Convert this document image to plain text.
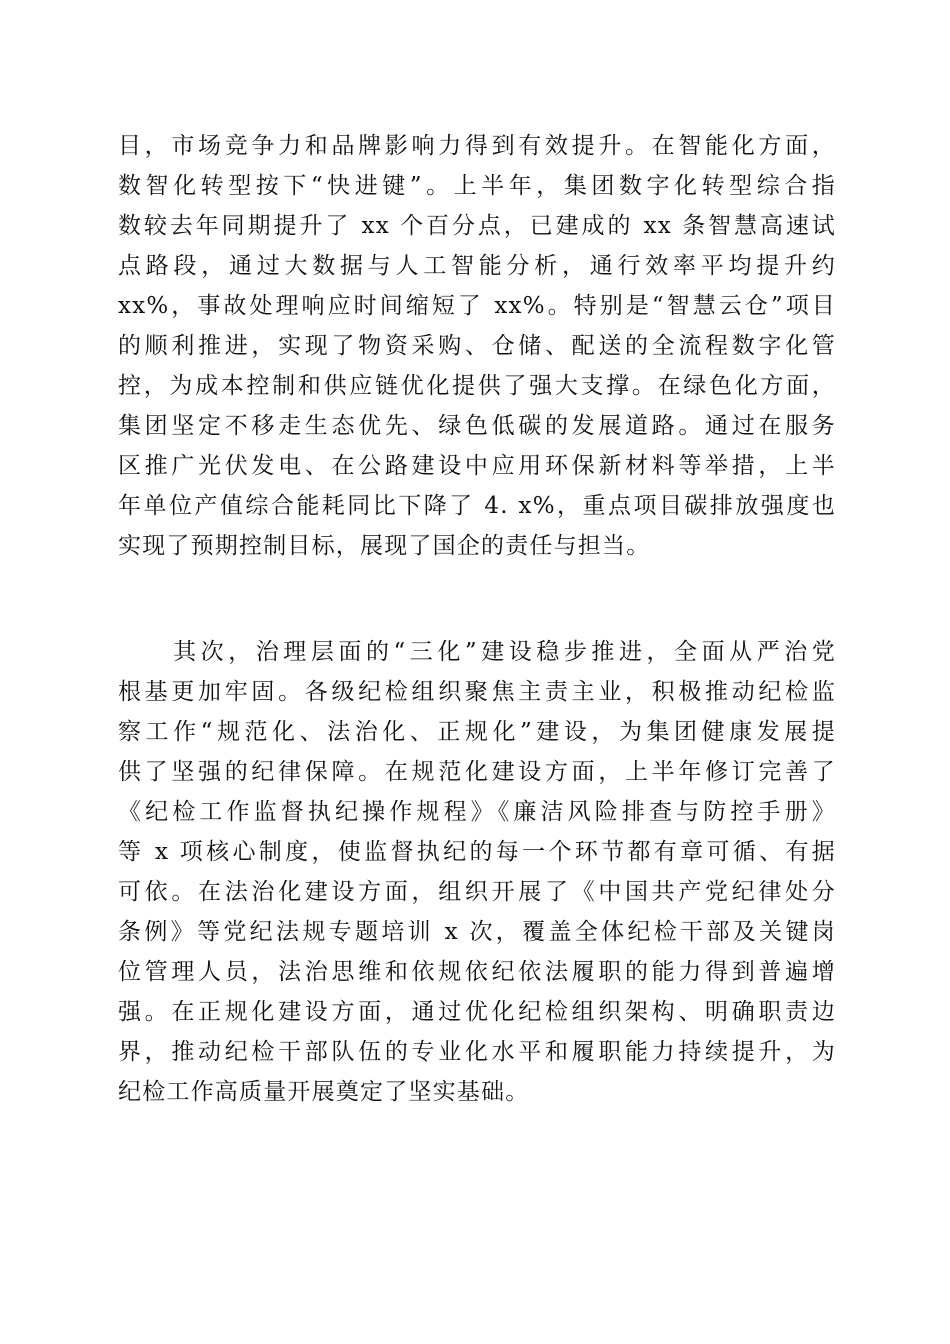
目，市场竞争力和品牌影响力得到有效提升。在智能化方面，
数智化转型按下“快进键”。上半年，集团数字化转型综合指
数较去年同期提升了 xx 个百分点，已建成的 xx 条智慧高速试
点路段，通过大数据与人工智能分析，通行效率平均提升约
xx%，事故处理响应时间缩短了 xx%。特别是“智慧云仓”项目
的顺利推进，实现了物资采购、仓储、配送的全流程数字化管
控，为成本控制和供应链优化提供了强大支撑。在绿色化方面，
集团坚定不移走生态优先、绿色低碳的发展道路。通过在服务
区推广光伏发电、在公路建设中应用环保新材料等举措，上半
年单位产值综合能耗同比下降了 4. x%，重点项目碳排放强度也
实现了预期控制目标，展现了国企的责任与担当。
　　其次，治理层面的“三化”建设稳步推进，全面从严治党
根基更加牢固。各级纪检组织聚焦主责主业，积极推动纪检监
察工作“规范化、法治化、正规化”建设，为集团健康发展提
供了坚强的纪律保障。在规范化建设方面，上半年修订完善了
《纪检工作监督执纪操作规程》《廉洁风险排查与防控手册》
等 x 项核心制度，使监督执纪的每一个环节都有章可循、有据
可依。在法治化建设方面，组织开展了《中国共产党纪律处分
条例》等党纪法规专题培训 x 次，覆盖全体纪检干部及关键岗
位管理人员，法治思维和依规依纪依法履职的能力得到普遍增
强。在正规化建设方面，通过优化纪检组织架构、明确职责边
界，推动纪检干部队伍的专业化水平和履职能力持续提升，为
纪检工作高质量开展奠定了坚实基础。
